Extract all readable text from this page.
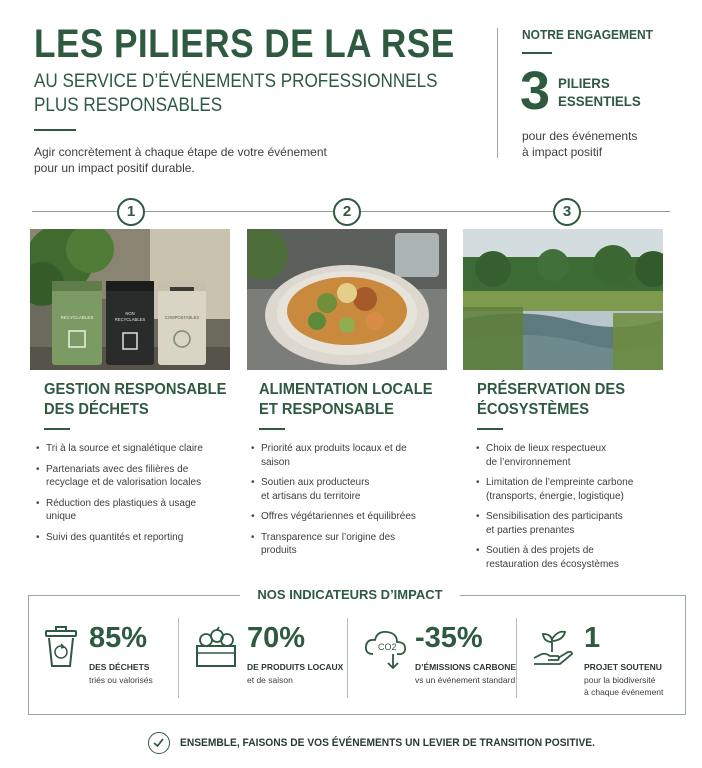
LES PILIERS DE LA RSE
AU SERVICE D’ÉVÉNEMENTS PROFESSIONNELS
PLUS RESPONSABLES
Agir concrètement à chaque étape de votre événement
pour un impact positif durable.
NOTRE ENGAGEMENT
3 PILIERS
ESSENTIELS
pour des événements
à impact positif
1	2	3
RECYCLABLES
NON
RECYCLABLES	COMPOSTABLES
GESTION RESPONSABLE
DES DÉCHETS
• Tri à la source et signalétique claire
• Partenariats avec des filières de recyclage et de valorisation locales
• Réduction des plastiques à usage unique
• Suivi des quantités et reporting
ALIMENTATION LOCALE
ET RESPONSABLE
• Priorité aux produits locaux et de saison
• Soutien aux producteurs et artisans du territoire
• Offres végétariennes et équilibrées
• Transparence sur l’origine des produits
PRÉSERVATION DES
ÉCOSYSTÈMES
• Choix de lieux respectueux de l’environnement
• Limitation de l’empreinte carbone (transports, énergie, logistique)
• Sensibilisation des participants et parties prenantes
• Soutien à des projets de restauration des écosystèmes
NOS INDICATEURS D’IMPACT
85%
DES DÉCHETS
triés ou valorisés
70%
DE PRODUITS LOCAUX
et de saison
CO2 -35%
D’ÉMISSIONS CARBONE
vs un événement standard
1
PROJET SOUTENU
pour la biodiversité
à chaque événement
ENSEMBLE, FAISONS DE VOS ÉVÉNEMENTS UN LEVIER DE TRANSITION POSITIVE.
